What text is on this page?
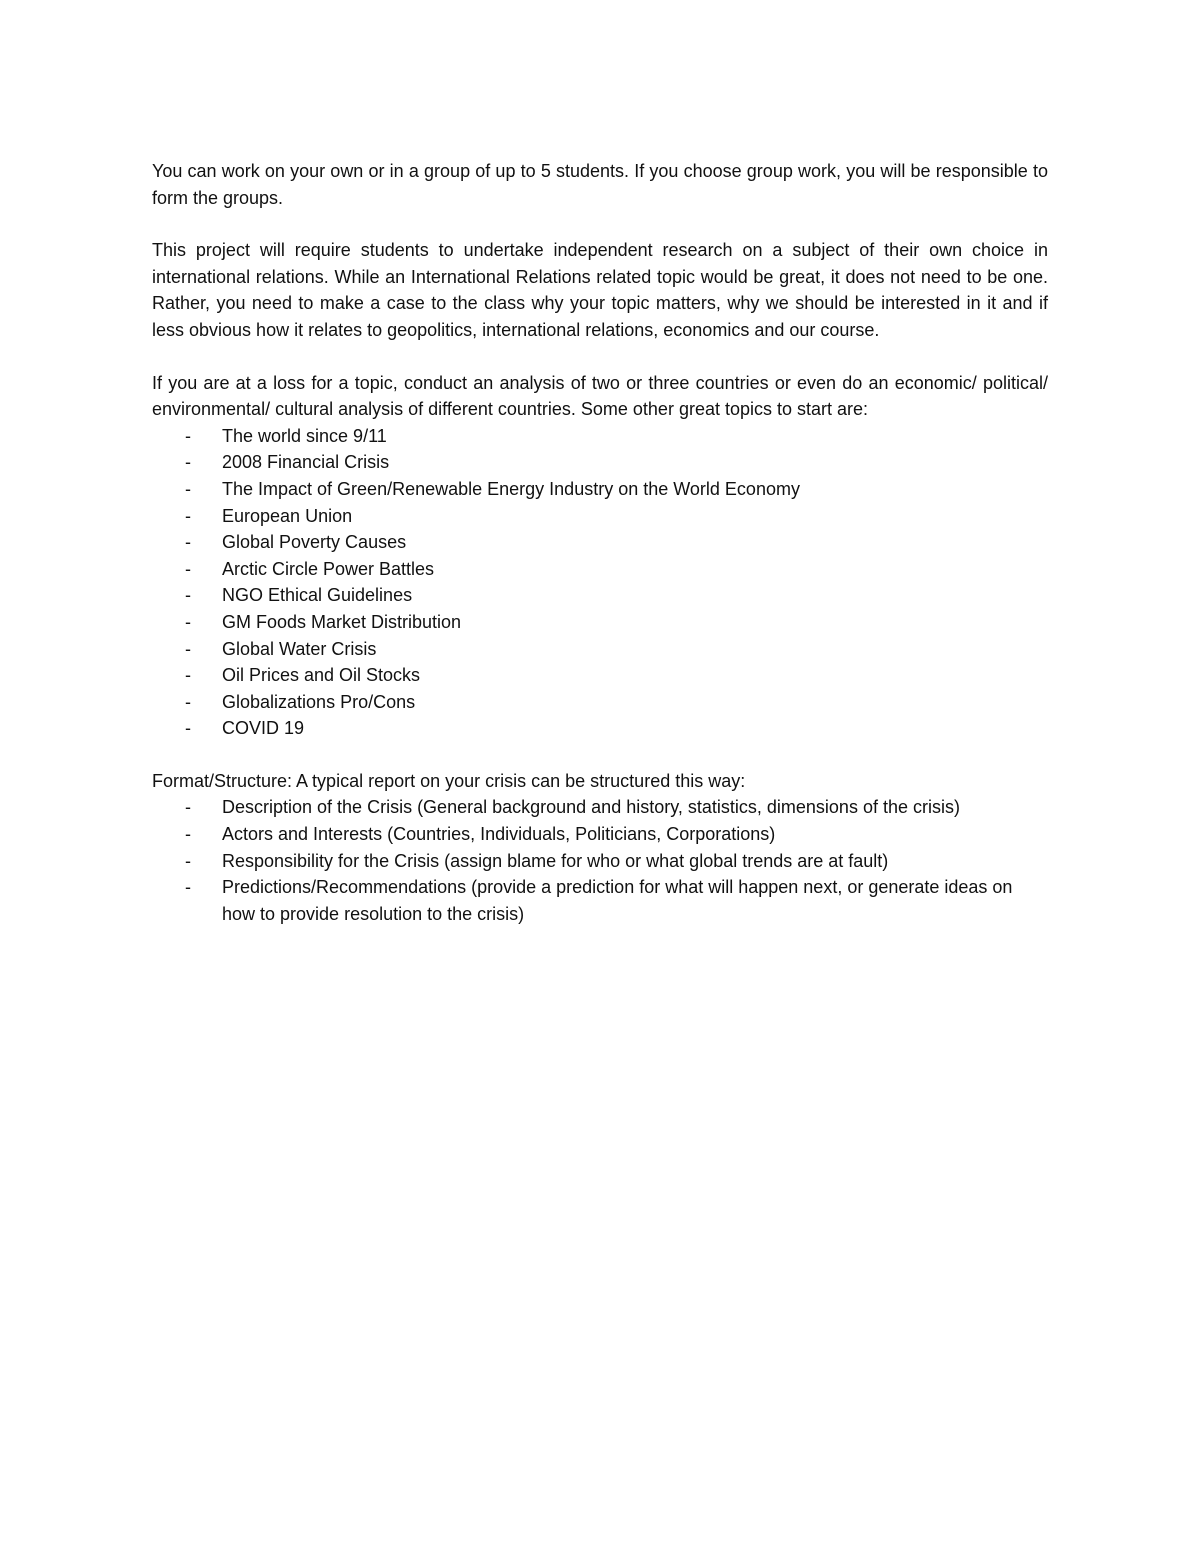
You can work on your own or in a group of up to 5 students. If you choose group work, you will be responsible to form the groups.

This project will require students to undertake independent research on a subject of their own choice in international relations. While an International Relations related topic would be great, it does not need to be one. Rather, you need to make a case to the class why your topic matters, why we should be interested in it and if less obvious how it relates to geopolitics, international relations, economics and our course.

If you are at a loss for a topic, conduct an analysis of two or three countries or even do an economic/ political/ environmental/ cultural analysis of different countries. Some other great topics to start are:

- The world since 9/11
- 2008 Financial Crisis
- The Impact of Green/Renewable Energy Industry on the World Economy
- European Union
- Global Poverty Causes
- Arctic Circle Power Battles
- NGO Ethical Guidelines
- GM Foods Market Distribution
- Global Water Crisis
- Oil Prices and Oil Stocks
- Globalizations Pro/Cons
- COVID 19

Format/Structure: A typical report on your crisis can be structured this way:

- Description of the Crisis (General background and history, statistics, dimensions of the crisis)
- Actors and Interests (Countries, Individuals, Politicians, Corporations)
- Responsibility for the Crisis (assign blame for who or what global trends are at fault)
- Predictions/Recommendations (provide a prediction for what will happen next, or generate ideas on how to provide resolution to the crisis)
